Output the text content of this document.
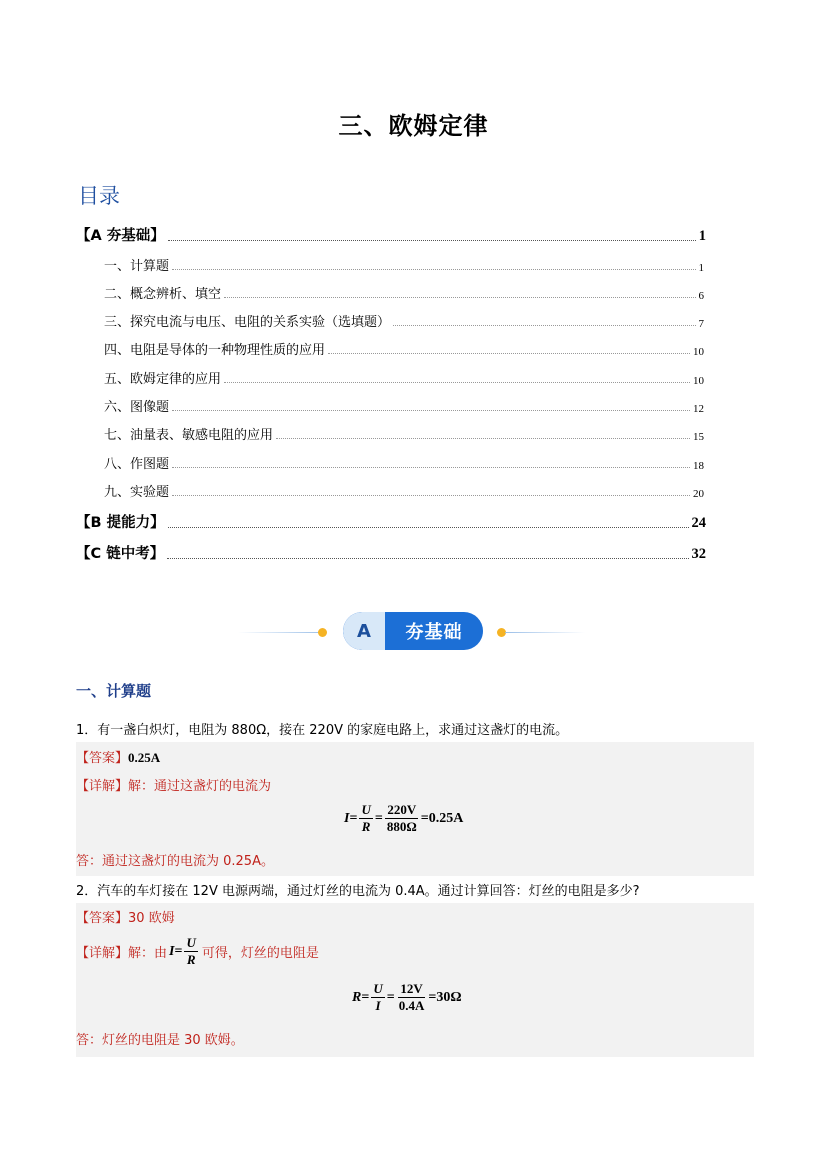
三、欧姆定律
目录
【A 夯基础】	1
一、计算题	1
二、概念辨析、填空	6
三、探究电流与电压、电阻的关系实验（选填题）	7
四、电阻是导体的一种物理性质的应用	10
五、欧姆定律的应用	10
六、图像题	12
七、油量表、敏感电阻的应用	15
八、作图题	18
九、实验题	20
【B 提能力】	24
【C 链中考】	32
A	夯基础
一、计算题
1．有一盏白炽灯，电阻为 880Ω，接在 220V 的家庭电路上，求通过这盏灯的电流。
【答案】0.25A
【详解】解：通过这盏灯的电流为
$I = \frac{U}{R} = \frac{220V}{880\Omega} = 0.25A$
答：通过这盏灯的电流为 0.25A。
2．汽车的车灯接在 12V 电源两端，通过灯丝的电流为 0.4A。通过计算回答：灯丝的电阻是多少?
【答案】30 欧姆
【详解】 解：由 $I = \frac{U}{R}$ 可得，灯丝的电阻是
$R = \frac{U}{I} = \frac{12V}{0.4A} = 30\Omega$
答：灯丝的电阻是 30 欧姆。
